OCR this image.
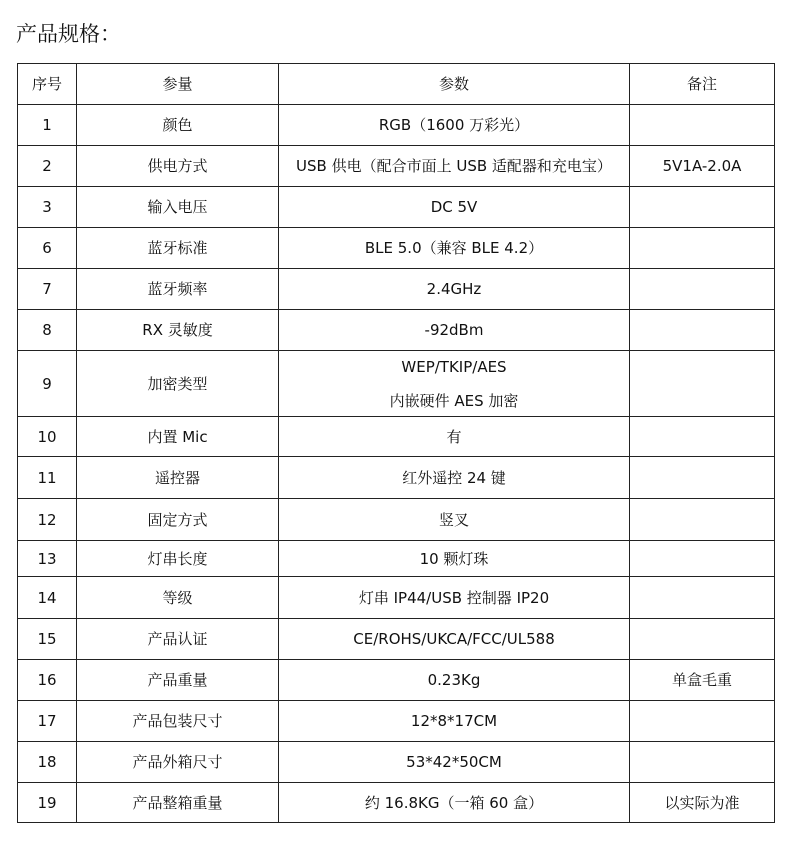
产品规格：
序号	参量	参数	备注
1	颜色	RGB（1600 万彩光）	
2	供电方式	USB 供电（配合市面上 USB 适配器和充电宝）	5V1A-2.0A
3	输入电压	DC 5V	
6	蓝牙标准	BLE 5.0（兼容 BLE 4.2）	
7	蓝牙频率	2.4GHz	
8	RX 灵敏度	-92dBm	
9	加密类型	WEP/TKIP/AES
内嵌硬件 AES 加密	

10	内置 Mic	有	
11	遥控器	红外遥控 24 键	
12	固定方式	竖叉	
13	灯串长度	10 颗灯珠	
14	等级	灯串 IP44/USB 控制器 IP20	
15	产品认证	CE/ROHS/UKCA/FCC/UL588	
16	产品重量	0.23Kg	单盒毛重
17	产品包装尺寸	12*8*17CM	
18	产品外箱尺寸	53*42*50CM	
19	产品整箱重量	约 16.8KG（一箱 60 盒）	以实际为准
